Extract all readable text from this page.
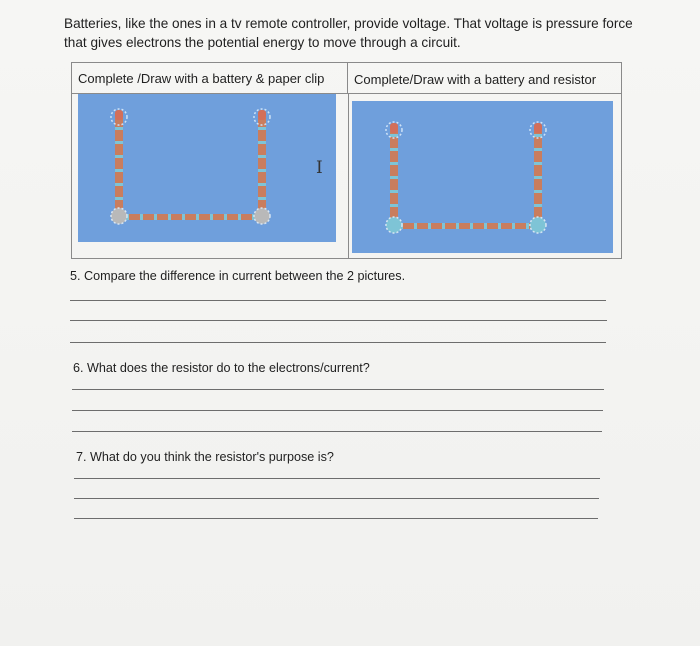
Batteries, like the ones in a tv remote controller, provide voltage. That voltage is pressure force
that gives electrons the potential energy to move through a circuit.
Complete /Draw with a battery & paper clip	Complete/Draw with a battery and resistor
I
5. Compare the difference in current between the 2 pictures.
6. What does the resistor do to the electrons/current?
7. What do you think the resistor's purpose is?
